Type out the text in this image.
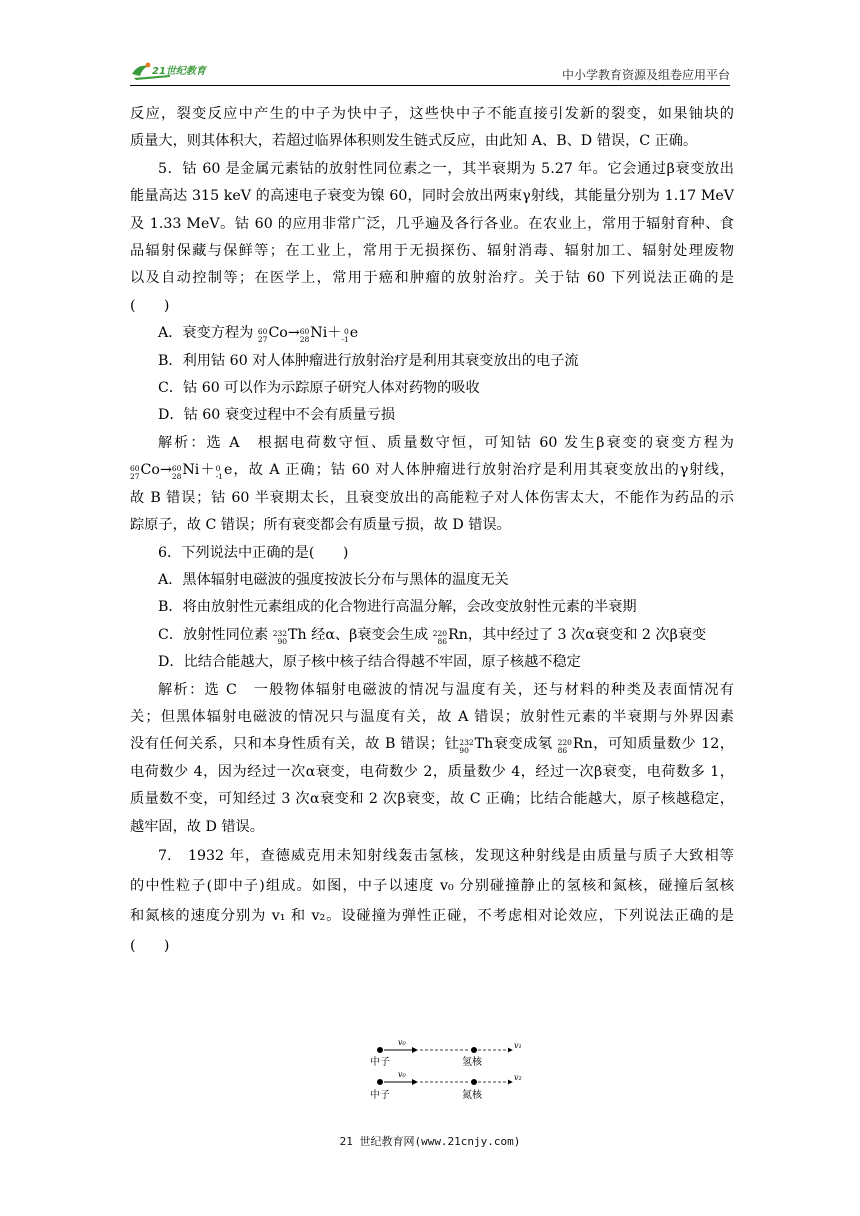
21世纪教育	中小学教育资源及组卷应用平台

反应，裂变反应中产生的中子为快中子，这些快中子不能直接引发新的裂变，如果铀块的

质量大，则其体积大，若超过临界体积则发生链式反应，由此知 A、B、D 错误，C 正确。

5．钴 60 是金属元素钴的放射性同位素之一，其半衰期为 5.27 年。它会通过β衰变放出

能量高达 315 keV 的高速电子衰变为镍 60，同时会放出两束γ射线，其能量分别为 1.17 MeV

及 1.33 MeV。钴 60 的应用非常广泛，几乎遍及各行各业。在农业上，常用于辐射育种、食

品辐射保藏与保鲜等；在工业上，常用于无损探伤、辐射消毒、辐射加工、辐射处理废物

以及自动控制等；在医学上，常用于癌和肿瘤的放射治疗。关于钴 60 下列说法正确的是

(　　)

A．衰变方程为 60
27 Co→ 60
28 Ni＋ 0
-1 e

B．利用钴 60 对人体肿瘤进行放射治疗是利用其衰变放出的电子流

C．钴 60 可以作为示踪原子研究人体对药物的吸收

D．钴 60 衰变过程中不会有质量亏损

解析：选 A　根据电荷数守恒、质量数守恒，可知钴 60 发生β衰变的衰变方程为

60
27 Co→ 60
28 Ni＋ 0
-1 e，故 A 正确；钴 60 对人体肿瘤进行放射治疗是利用其衰变放出的γ射线，

故 B 错误；钴 60 半衰期太长，且衰变放出的高能粒子对人体伤害太大，不能作为药品的示

踪原子，故 C 错误；所有衰变都会有质量亏损，故 D 错误。

6．下列说法中正确的是(　　)

A．黑体辐射电磁波的强度按波长分布与黑体的温度无关

B．将由放射性元素组成的化合物进行高温分解，会改变放射性元素的半衰期

C．放射性同位素 232
90 Th 经α、β衰变会生成 220
86 Rn，其中经过了 3 次α衰变和 2 次β衰变

D．比结合能越大，原子核中核子结合得越不牢固，原子核越不稳定

解析：选 C　一般物体辐射电磁波的情况与温度有关，还与材料的种类及表面情况有

关；但黑体辐射电磁波的情况只与温度有关，故 A 错误；放射性元素的半衰期与外界因素

没有任何关系，只和本身性质有关，故 B 错误；钍 232
90 Th衰变成氡 220
86 Rn，可知质量数少 12，

电荷数少 4，因为经过一次α衰变，电荷数少 2，质量数少 4，经过一次β衰变，电荷数多 1，

质量数不变，可知经过 3 次α衰变和 2 次β衰变，故 C 正确；比结合能越大，原子核越稳定，

越牢固，故 D 错误。

7.　1932 年，查德威克用未知射线轰击氢核，发现这种射线是由质量与质子大致相等

的中性粒子(即中子)组成。如图，中子以速度 v₀ 分别碰撞静止的氢核和氮核，碰撞后氢核

和氮核的速度分别为 v₁ 和 v₂。设碰撞为弹性正碰，不考虑相对论效应，下列说法正确的是

(　　)

v₀	v₁
中子	氢核
v₀	v₂
中子	氮核
21 世纪教育网(www.21cnjy.com)
